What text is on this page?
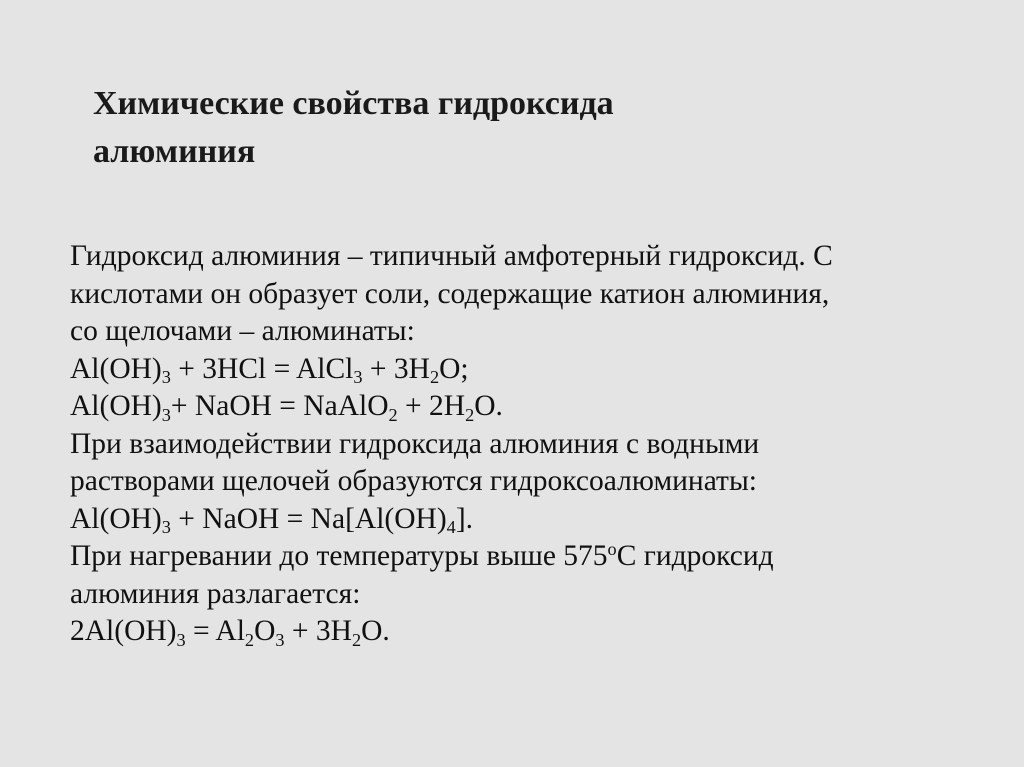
Химические свойства гидроксида
алюминия
Гидроксид алюминия – типичный амфотерный гидроксид. С
кислотами он образует соли, содержащие катион алюминия,
со щелочами – алюминаты:
$Al(OH)_3 + 3HCl$ = AlCl$_3$ + $3H_2O$;
$Al(OH)_3+$ NaOH = NaAlO$_2$ + $2H_2O$.
При взаимодействии гидроксида алюминия с водными
растворами щелочей образуются гидроксоалюминаты:
$Al(OH)_3$ + NaOH = $Na[Al(OH)_4]$.
При нагревании до температуры выше 575$^o$С гидроксид
алюминия разлагается:
$2Al(OH)_3 = Al_2O_3 + 3H_2O$.
